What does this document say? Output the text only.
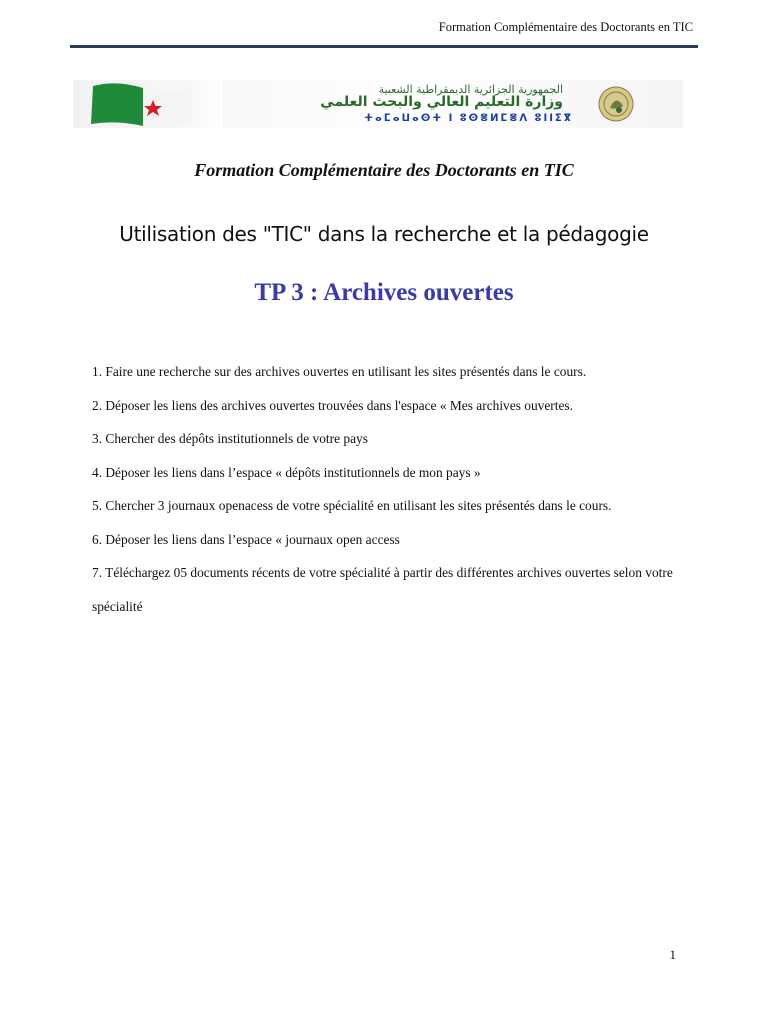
Formation Complémentaire des Doctorants en TIC
الجمهورية الجزائرية الديمقراطية الشعبية
وزارة التعليم العالي والبحث العلمي
ⵜⴰⵎⴰⵡⴰⵙⵜ ⵏ ⵓⵙⴻⵍⵎⴻⴷ ⵓⵏⵏⵉⴳ
Formation Complémentaire des Doctorants en TIC
Utilisation des "TIC" dans la recherche et la pédagogie
TP 3 : Archives ouvertes

1. Faire une recherche sur des archives ouvertes en utilisant les sites présentés dans le cours.

2. Déposer les liens des archives ouvertes trouvées dans l'espace « Mes archives ouvertes.

3. Chercher des dépôts institutionnels de votre pays

4. Déposer les liens dans l’espace « dépôts institutionnels de mon pays »

5. Chercher 3 journaux openacess de votre spécialité en utilisant les sites présentés dans le cours.

6. Déposer les liens dans l’espace « journaux open access

7. Téléchargez 05 documents récents de votre spécialité à partir des différentes archives ouvertes selon votre spécialité

1
